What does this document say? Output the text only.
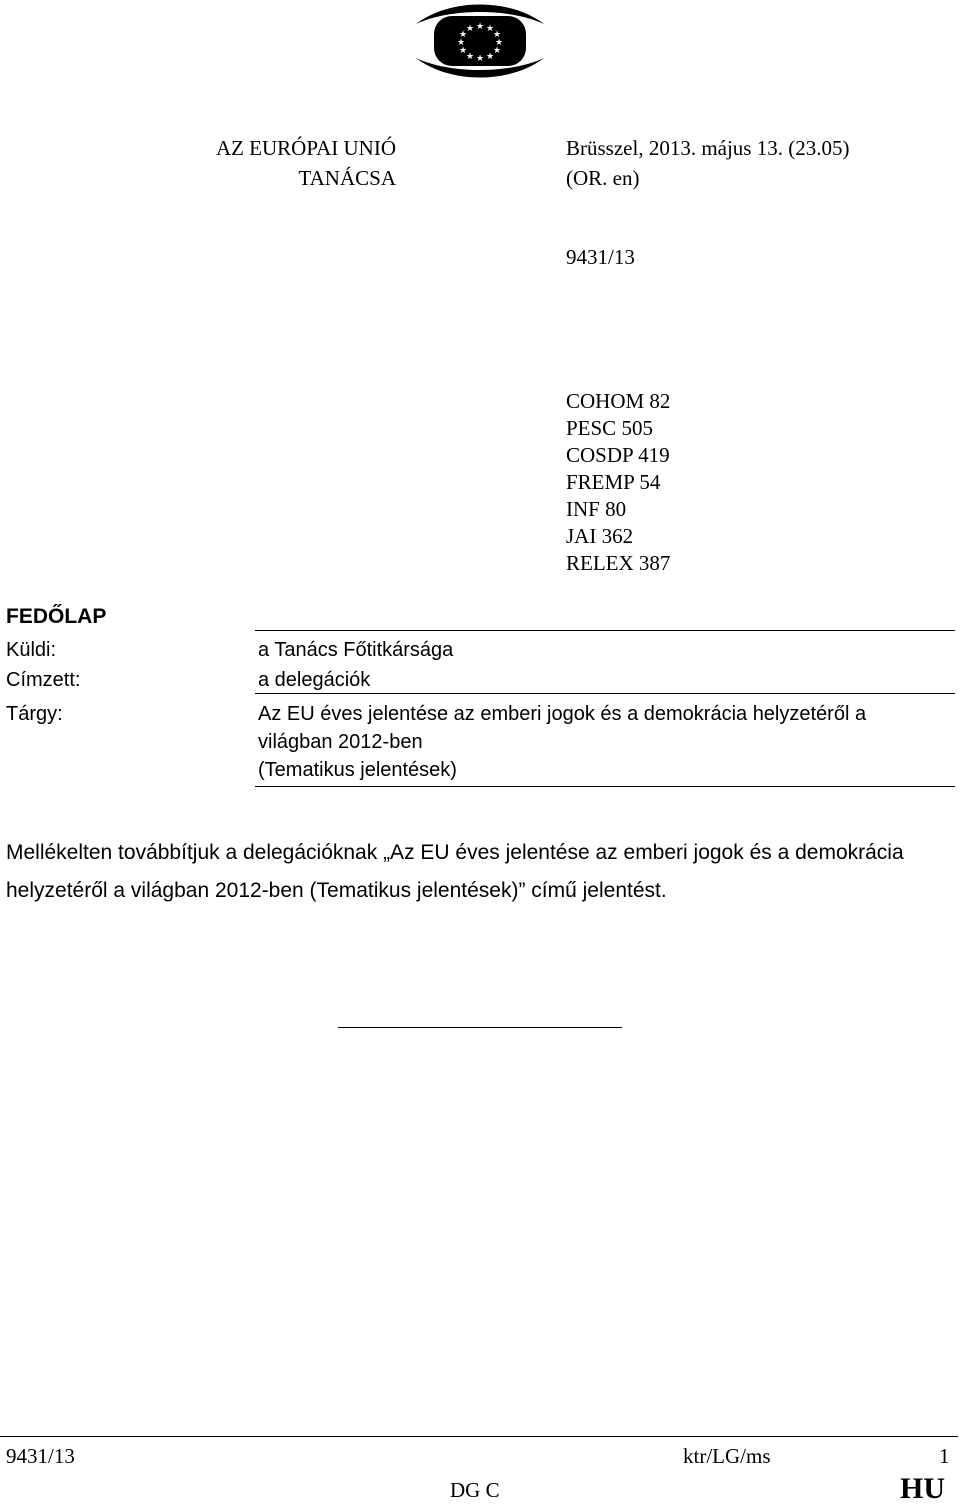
★ ★
★
★
★
★
★
★
★
★
★
★
AZ EURÓPAI UNIÓ
TANÁCSA
Brüsszel, 2013. május 13. (23.05)
(OR. en)
9431/13
COHOM 82
PESC 505
COSDP 419
FREMP 54
INF 80
JAI 362
RELEX 387
FEDŐLAP
Küldi:	a Tanács Főtitkársága
Címzett:	a delegációk
Tárgy:	Az EU éves jelentése az emberi jogok és a demokrácia helyzetéről a
világban 2012-ben
(Tematikus jelentések)
Mellékelten továbbítjuk a delegációknak „Az EU éves jelentése az emberi jogok és a demokrácia helyzetéről a világban 2012-ben (Tematikus jelentések)” című jelentést.
9431/13	ktr/LG/ms	1
DG C	HU
